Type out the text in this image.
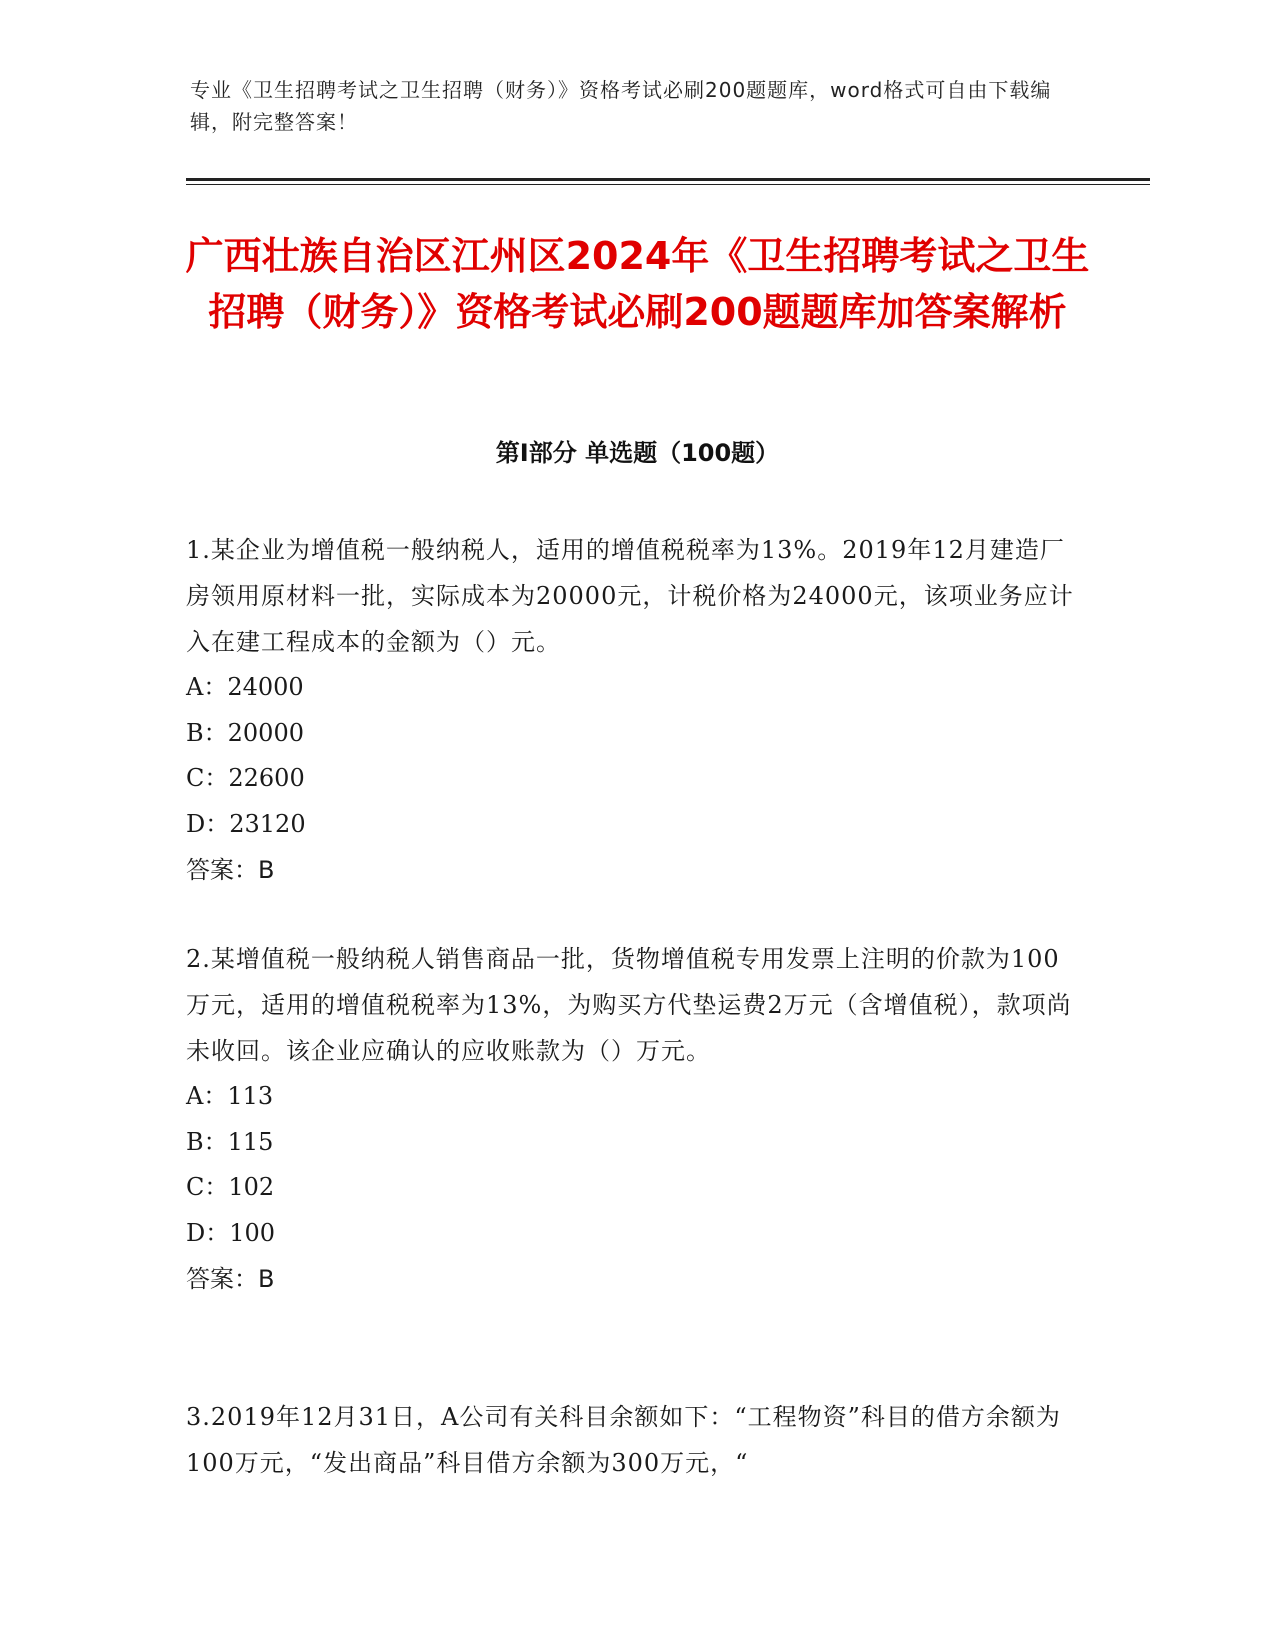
专业《卫生招聘考试之卫生招聘（财务）》资格考试必刷200题题库，word格式可自由下载编辑，附完整答案！
广西壮族自治区江州区2024年《卫生招聘考试之卫生招聘（财务）》资格考试必刷200题题库加答案解析
第I部分 单选题（100题）

1.某企业为增值税一般纳税人，适用的增值税税率为13%。2019年12月建造厂房领用原材料一批，实际成本为20000元，计税价格为24000元，该项业务应计入在建工程成本的金额为（）元。

A：24000

B：20000

C：22600

D：23120

答案：B

2.某增值税一般纳税人销售商品一批，货物增值税专用发票上注明的价款为100万元，适用的增值税税率为13%，为购买方代垫运费2万元（含增值税），款项尚未收回。该企业应确认的应收账款为（）万元。

A：113

B：115

C：102

D：100

答案：B

3.2019年12月31日，A公司有关科目余额如下：“工程物资”科目的借方余额为100万元，“发出商品”科目借方余额为300万元，“
